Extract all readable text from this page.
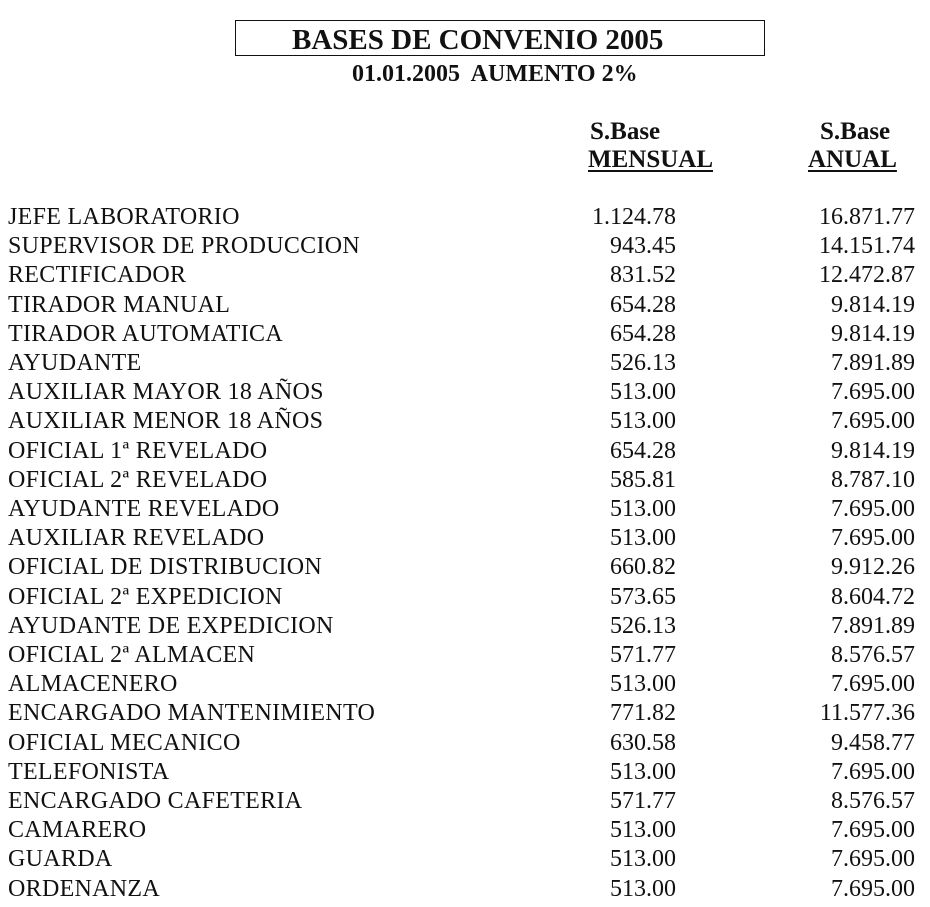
BASES DE CONVENIO 2005
01.01.2005  AUMENTO 2%
S.Base
MENSUAL
S.Base
ANUAL
JEFE LABORATORIO	1.124.78	16.871.77
SUPERVISOR DE PRODUCCION	943.45	14.151.74
RECTIFICADOR	831.52	12.472.87
TIRADOR MANUAL	654.28	9.814.19
TIRADOR AUTOMATICA	654.28	9.814.19
AYUDANTE	526.13	7.891.89
AUXILIAR MAYOR 18 AÑOS	513.00	7.695.00
AUXILIAR MENOR 18 AÑOS	513.00	7.695.00
OFICIAL 1ª REVELADO	654.28	9.814.19
OFICIAL 2ª REVELADO	585.81	8.787.10
AYUDANTE REVELADO	513.00	7.695.00
AUXILIAR REVELADO	513.00	7.695.00
OFICIAL DE DISTRIBUCION	660.82	9.912.26
OFICIAL 2ª EXPEDICION	573.65	8.604.72
AYUDANTE DE EXPEDICION	526.13	7.891.89
OFICIAL 2ª ALMACEN	571.77	8.576.57
ALMACENERO	513.00	7.695.00
ENCARGADO MANTENIMIENTO	771.82	11.577.36
OFICIAL MECANICO	630.58	9.458.77
TELEFONISTA	513.00	7.695.00
ENCARGADO CAFETERIA	571.77	8.576.57
CAMARERO	513.00	7.695.00
GUARDA	513.00	7.695.00
ORDENANZA	513.00	7.695.00
